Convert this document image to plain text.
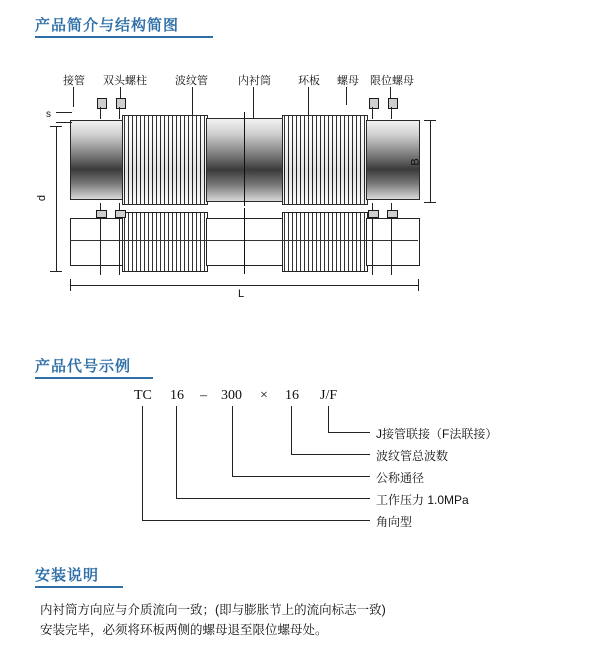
产品简介与结构简图
接管 双头螺柱	波纹管	内衬筒 环板 螺母 限位螺母
s
d
B
L
产品代号示例
TC 16 – 300 × 16 J/F
J接管联接（F法联接）
波纹管总波数
公称通径
工作压力 1.0MPa
角向型
安装说明
内衬筒方向应与介质流向一致；(即与膨胀节上的流向标志一致)
安装完毕，必须将环板两侧的螺母退至限位螺母处。
